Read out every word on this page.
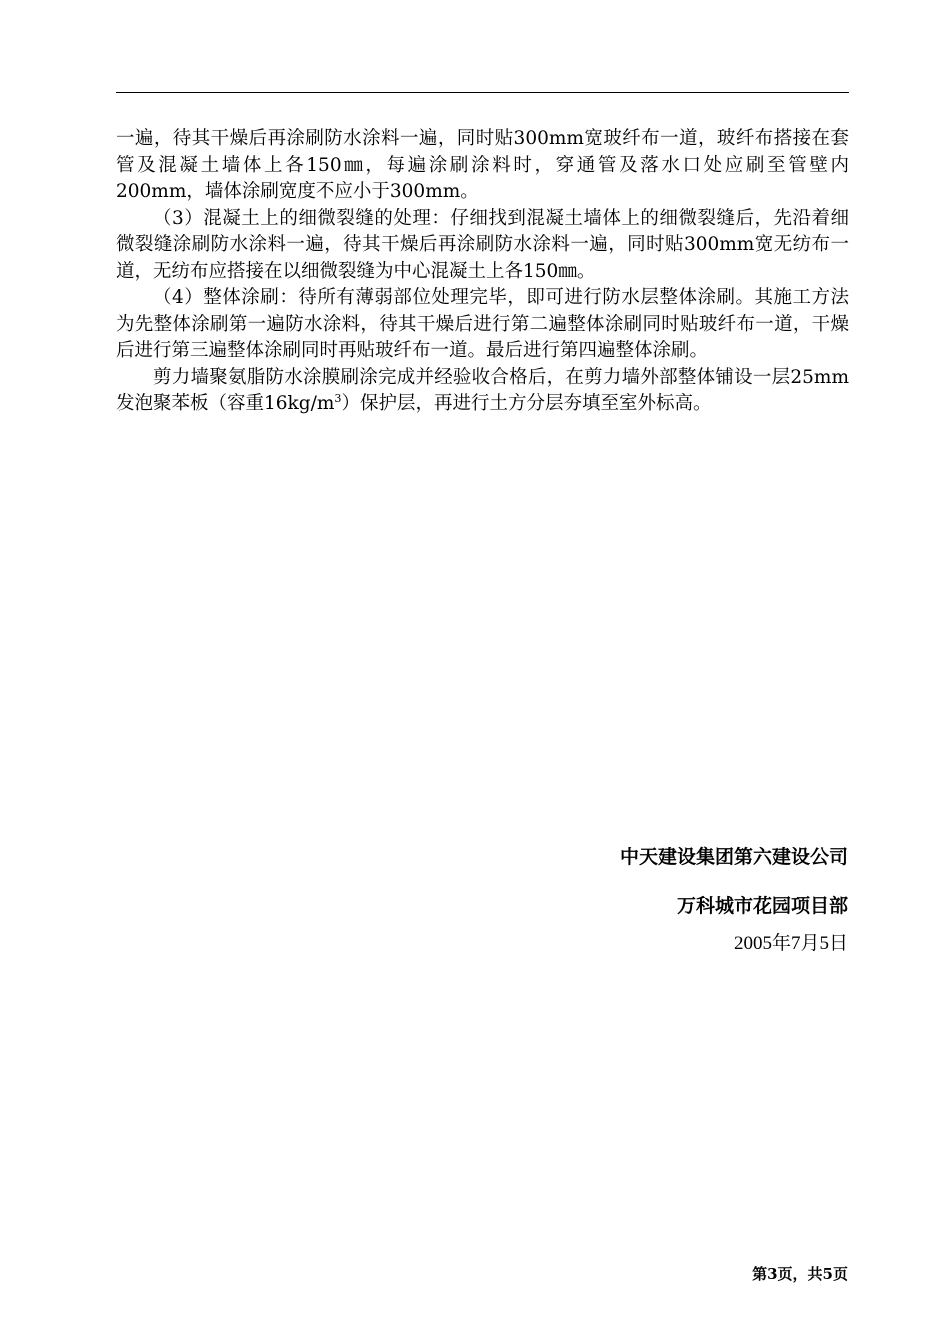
一遍，待其干燥后再涂刷防水涂料一遍，同时贴300mm宽玻纤布一道，玻纤布搭接在套管及混凝土墙体上各150㎜，每遍涂刷涂料时，穿通管及落水口处应刷至管壁内200mm，墙体涂刷宽度不应小于300mm。

（3）混凝土上的细微裂缝的处理：仔细找到混凝土墙体上的细微裂缝后，先沿着细微裂缝涂刷防水涂料一遍，待其干燥后再涂刷防水涂料一遍，同时贴300mm宽无纺布一道，无纺布应搭接在以细微裂缝为中心混凝土上各150㎜。

（4）整体涂刷：待所有薄弱部位处理完毕，即可进行防水层整体涂刷。其施工方法为先整体涂刷第一遍防水涂料，待其干燥后进行第二遍整体涂刷同时贴玻纤布一道，干燥后进行第三遍整体涂刷同时再贴玻纤布一道。最后进行第四遍整体涂刷。

剪力墙聚氨脂防水涂膜刷涂完成并经验收合格后，在剪力墙外部整体铺设一层25mm发泡聚苯板（容重$16kg/m^3$）保护层，再进行土方分层夯填至室外标高。

中天建设集团第六建设公司
万科城市花园项目部
2005年7月5日
第3页，共5页
